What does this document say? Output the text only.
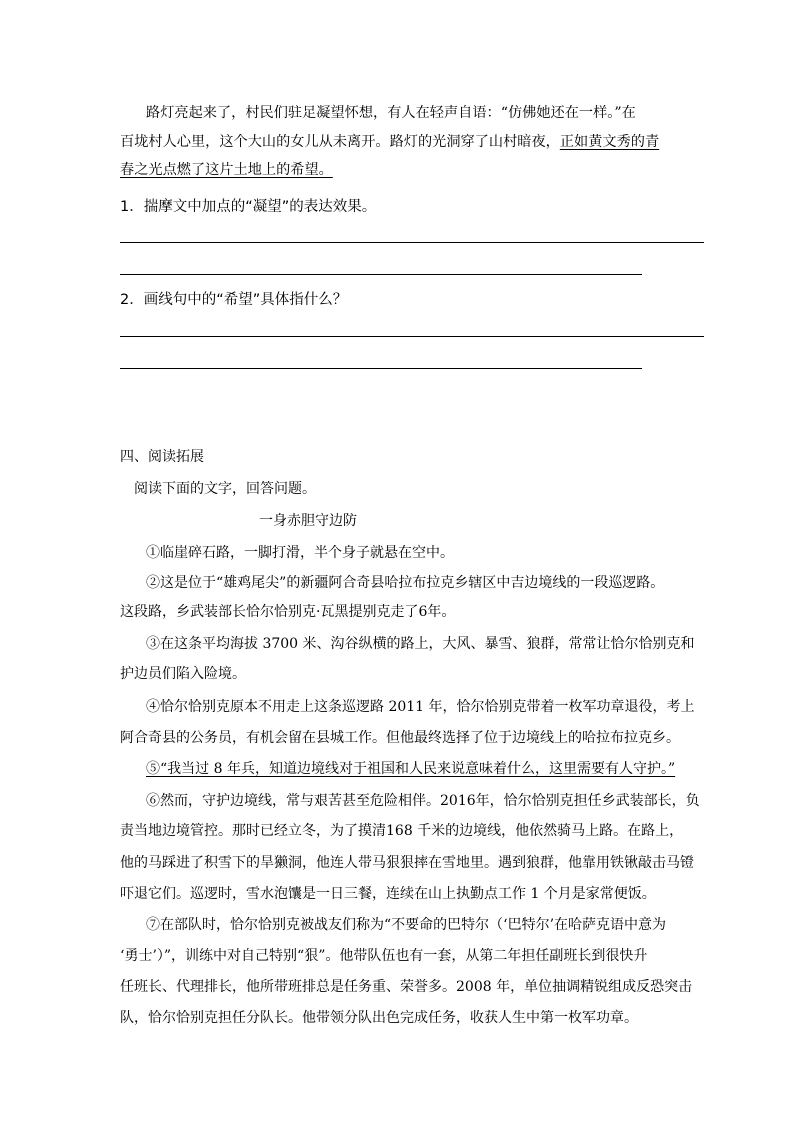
路灯亮起来了，村民们驻足凝望怀想，有人在轻声自语：“仿佛她还在一样。”在
百垅村人心里，这个大山的女儿从未离开。路灯的光洞穿了山村暗夜，正如黄文秀的青
春之光点燃了这片土地上的希望。
1．揣摩文中加点的“凝望”的表达效果。
2．画线句中的“希望”具体指什么？
四、阅读拓展
阅读下面的文字，回答问题。
一身赤胆守边防
①临崖碎石路，一脚打滑，半个身子就悬在空中。
②这是位于“雄鸡尾尖”的新疆阿合奇县哈拉布拉克乡辖区中吉边境线的一段巡逻路。
这段路，乡武装部长恰尔恰别克·瓦黑提别克走了6年。
③在这条平均海拔 3700 米、沟谷纵横的路上，大风、暴雪、狼群，常常让恰尔恰别克和
护边员们陷入险境。
④恰尔恰别克原本不用走上这条巡逻路 2011 年，恰尔恰别克带着一枚军功章退役，考上
阿合奇县的公务员，有机会留在县城工作。但他最终选择了位于边境线上的哈拉布拉克乡。
⑤“我当过 8 年兵，知道边境线对于祖国和人民来说意味着什么，这里需要有人守护。”
⑥然而，守护边境线，常与艰苦甚至危险相伴。2016年，恰尔恰别克担任乡武装部长，负
责当地边境管控。那时已经立冬，为了摸清168 千米的边境线，他依然骑马上路。在路上，
他的马踩进了积雪下的旱獭洞，他连人带马狠狠摔在雪地里。遇到狼群，他靠用铁锹敲击马镫
吓退它们。巡逻时，雪水泡馕是一日三餐，连续在山上执勤点工作 1 个月是家常便饭。
⑦在部队时，恰尔恰别克被战友们称为“不要命的巴特尔（‘巴特尔’在哈萨克语中意为
‘勇士’）”，训练中对自己特别“狠”。他带队伍也有一套，从第二年担任副班长到很快升
任班长、代理排长，他所带班排总是任务重、荣誉多。2008 年，单位抽调精锐组成反恐突击
队，恰尔恰别克担任分队长。他带领分队出色完成任务，收获人生中第一枚军功章。
